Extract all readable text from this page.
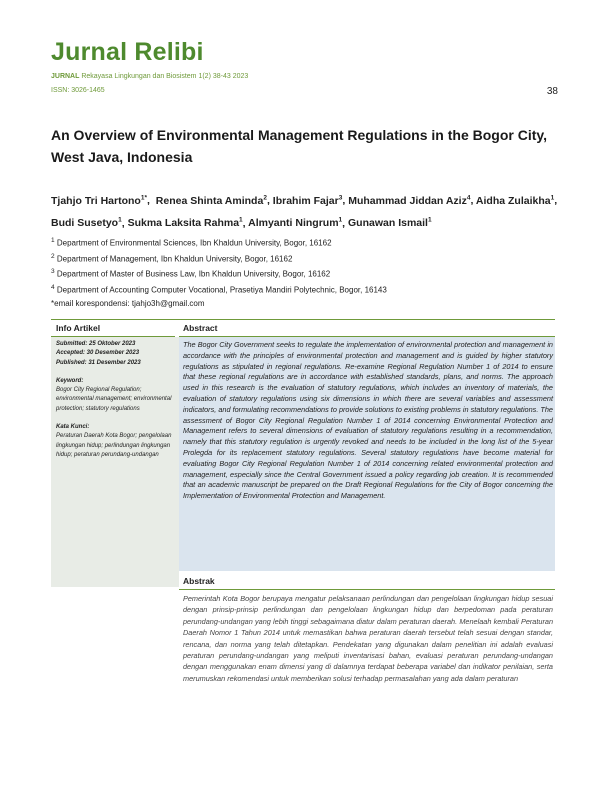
Jurnal Relibi
JURNAL Rekayasa Lingkungan dan Biosistem 1(2) 38-43 2023
ISSN: 3026-1465	38
An Overview of Environmental Management Regulations in the Bogor City, West Java, Indonesia
Tjahjo Tri Hartono$^{1*}$,  Renea Shinta Aminda$^2$, Ibrahim Fajar$^3$, Muhammad Jiddan Aziz$^4$, Aidha Zulaikha$^1$,
Budi Susetyo$^1$, Sukma Laksita Rahma$^1$, Almyanti Ningrum$^1$, Gunawan Ismail$^1$
$^1$ Department of Environmental Sciences, Ibn Khaldun University, Bogor, 16162
$^2$ Department of Management, Ibn Khaldun University, Bogor, 16162
$^3$ Department of Master of Business Law, Ibn Khaldun University, Bogor, 16162
$^4$ Department of Accounting Computer Vocational, Prasetiya Mandiri Polytechnic, Bogor, 16143
*email korespondensi: tjahjo3h@gmail.com
Info Artikel
Submitted: 25 Oktober 2023
Accepted: 30 Desember 2023
Published: 31 Desember 2023
Keyword:
Bogor City Regional Regulation; environmental management; environmental protection; statutory regulations
Kata Kunci:
Peraturan Daerah Kota Bogor; pengelolaan lingkungan hidup; perlindungan lingkungan hidup; peraturan perundang-undangan
Abstract
The Bogor City Government seeks to regulate the implementation of environmental protection and management in accordance with the principles of environmental protection and management and is guided by higher statutory regulations as stipulated in regional regulations. Re-examine Regional Regulation Number 1 of 2014 to ensure that these regional regulations are in accordance with established standards, plans, and norms. The approach used in this research is the evaluation of statutory regulations, which includes an inventory of materials, the evaluation of statutory regulations using six dimensions in which there are several variables and assessment indicators, and formulating recommendations to provide solutions to existing problems in statutory regulations. The assessment of Bogor City Regional Regulation Number 1 of 2014 concerning Environmental Protection and Management refers to several dimensions of evaluation of statutory regulations resulting in a recommendation, namely that this statutory regulation is urgently revoked and needs to be included in the long list of the 5-year Prolegda for its replacement statutory regulations. Several statutory regulations have become material for evaluating Bogor City Regional Regulation Number 1 of 2014 concerning related environmental protection and management, especially since the Central Government issued a policy regarding job creation. It is recommended that an academic manuscript be prepared on the Draft Regional Regulations for the City of Bogor concerning the Implementation of Environmental Protection and Management.
Abstrak
Pemerintah Kota Bogor berupaya mengatur pelaksanaan perlindungan dan pengelolaan lingkungan hidup sesuai dengan prinsip-prinsip perlindungan dan pengelolaan lingkungan hidup dan berpedoman pada peraturan perundang-undangan yang lebih tinggi sebagaimana diatur dalam peraturan daerah. Menelaah kembali Peraturan Daerah Nomor 1 Tahun 2014 untuk memastikan bahwa peraturan daerah tersebut telah sesuai dengan standar, rencana, dan norma yang telah ditetapkan. Pendekatan yang digunakan dalam penelitian ini adalah evaluasi peraturan perundang-undangan yang meliputi inventarisasi bahan, evaluasi peraturan perundang-undangan dengan menggunakan enam dimensi yang di dalamnya terdapat beberapa variabel dan indikator penilaian, serta merumuskan rekomendasi untuk memberikan solusi terhadap permasalahan yang ada dalam peraturan
